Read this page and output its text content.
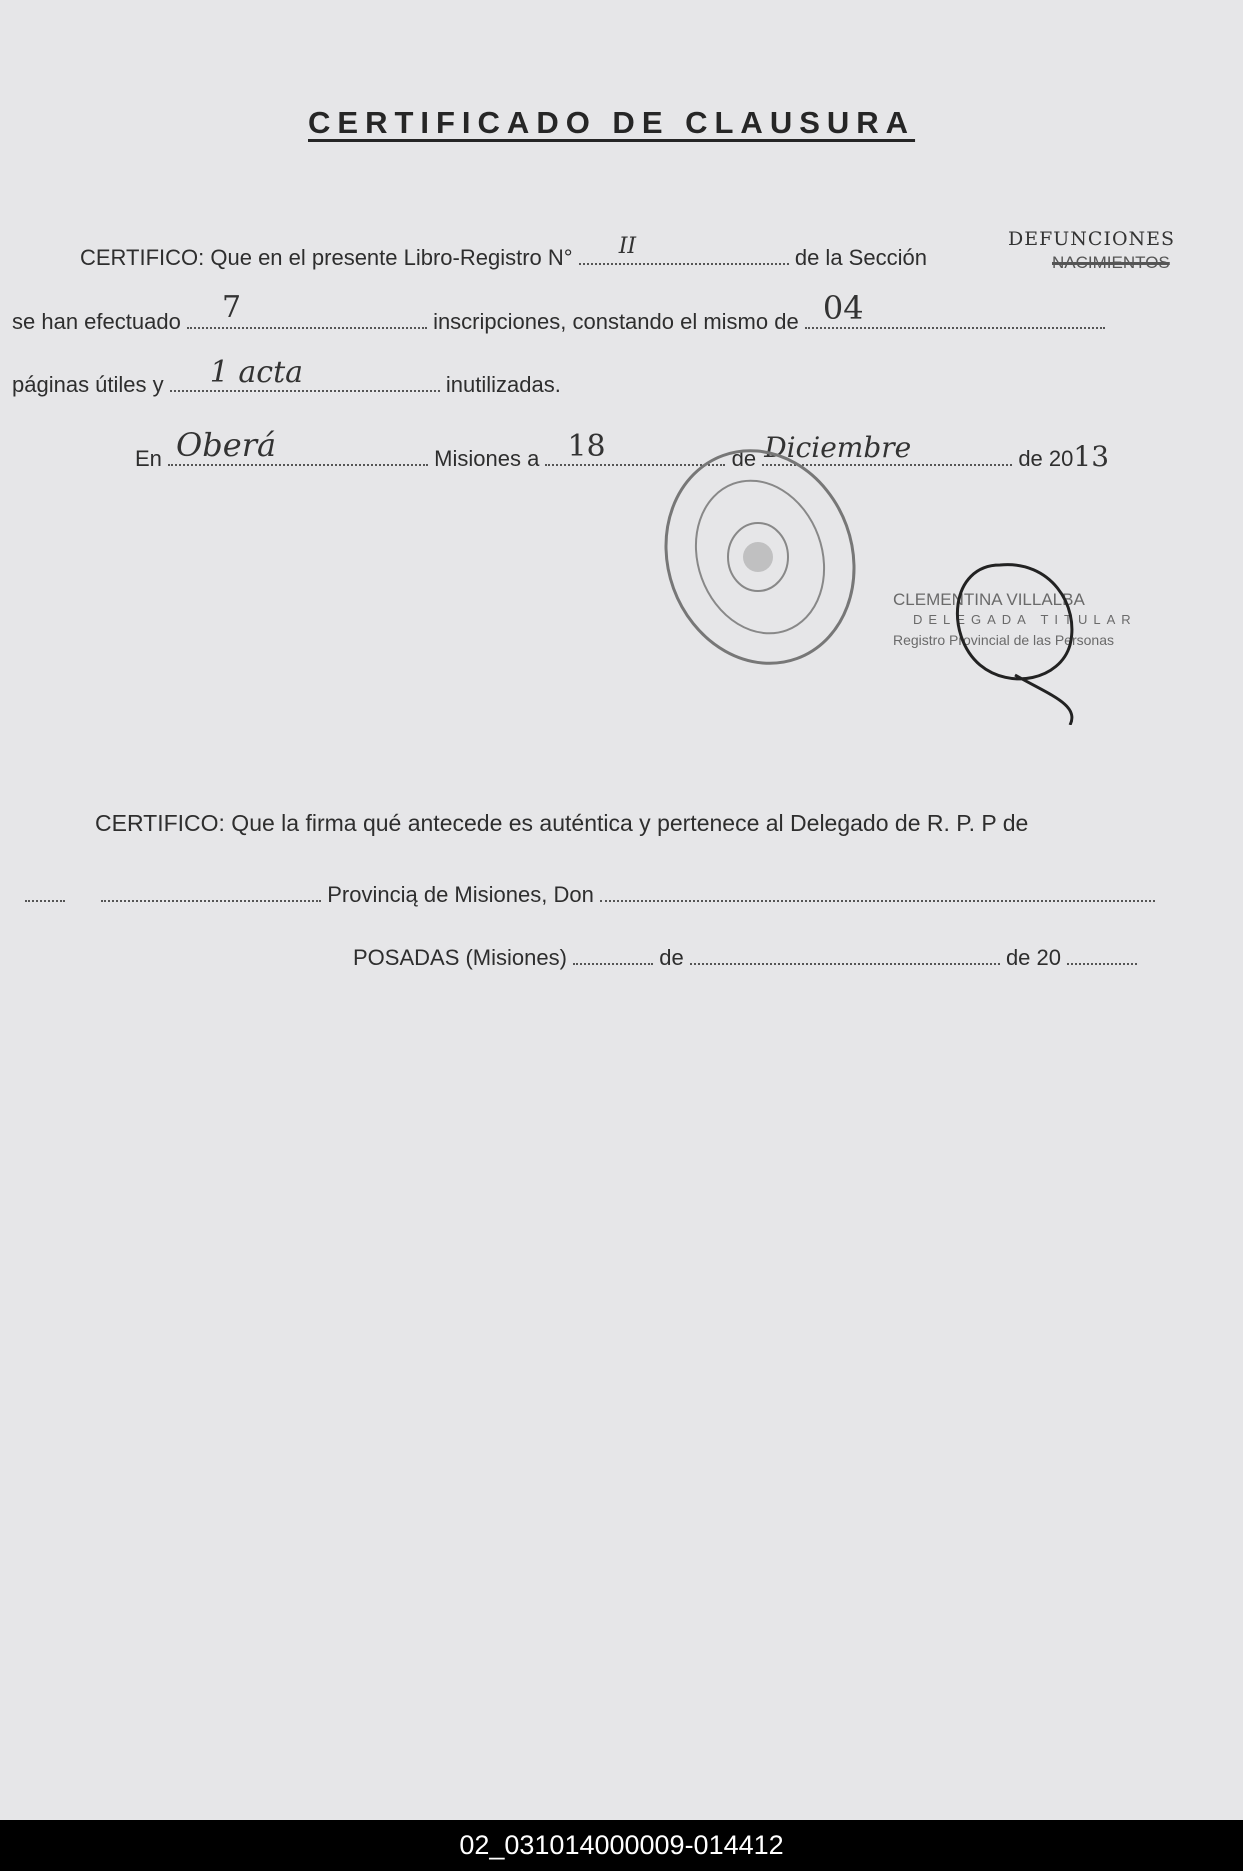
CERTIFICADO DE CLAUSURA
CERTIFICO: Que en el presente Libro-Registro N° II	de la Sección
DEFUNCIONES
NACIMIENTOS
se han efectuado 7	inscripciones, constando el mismo de 04
páginas útiles y 1 acta	inutilizadas.
En Oberá	Misiones a 18	de Diciembre	de 2013
CLEMENTINA VILLALBA
DELEGADA TITULAR
Registro Provincial de las Personas
CERTIFICO: Que la firma qué antecede es auténtica y pertenece al Delegado de R. P. P de
Provincią de Misiones, Don
POSADAS (Misiones)	de	de 20
02_031014000009-014412
